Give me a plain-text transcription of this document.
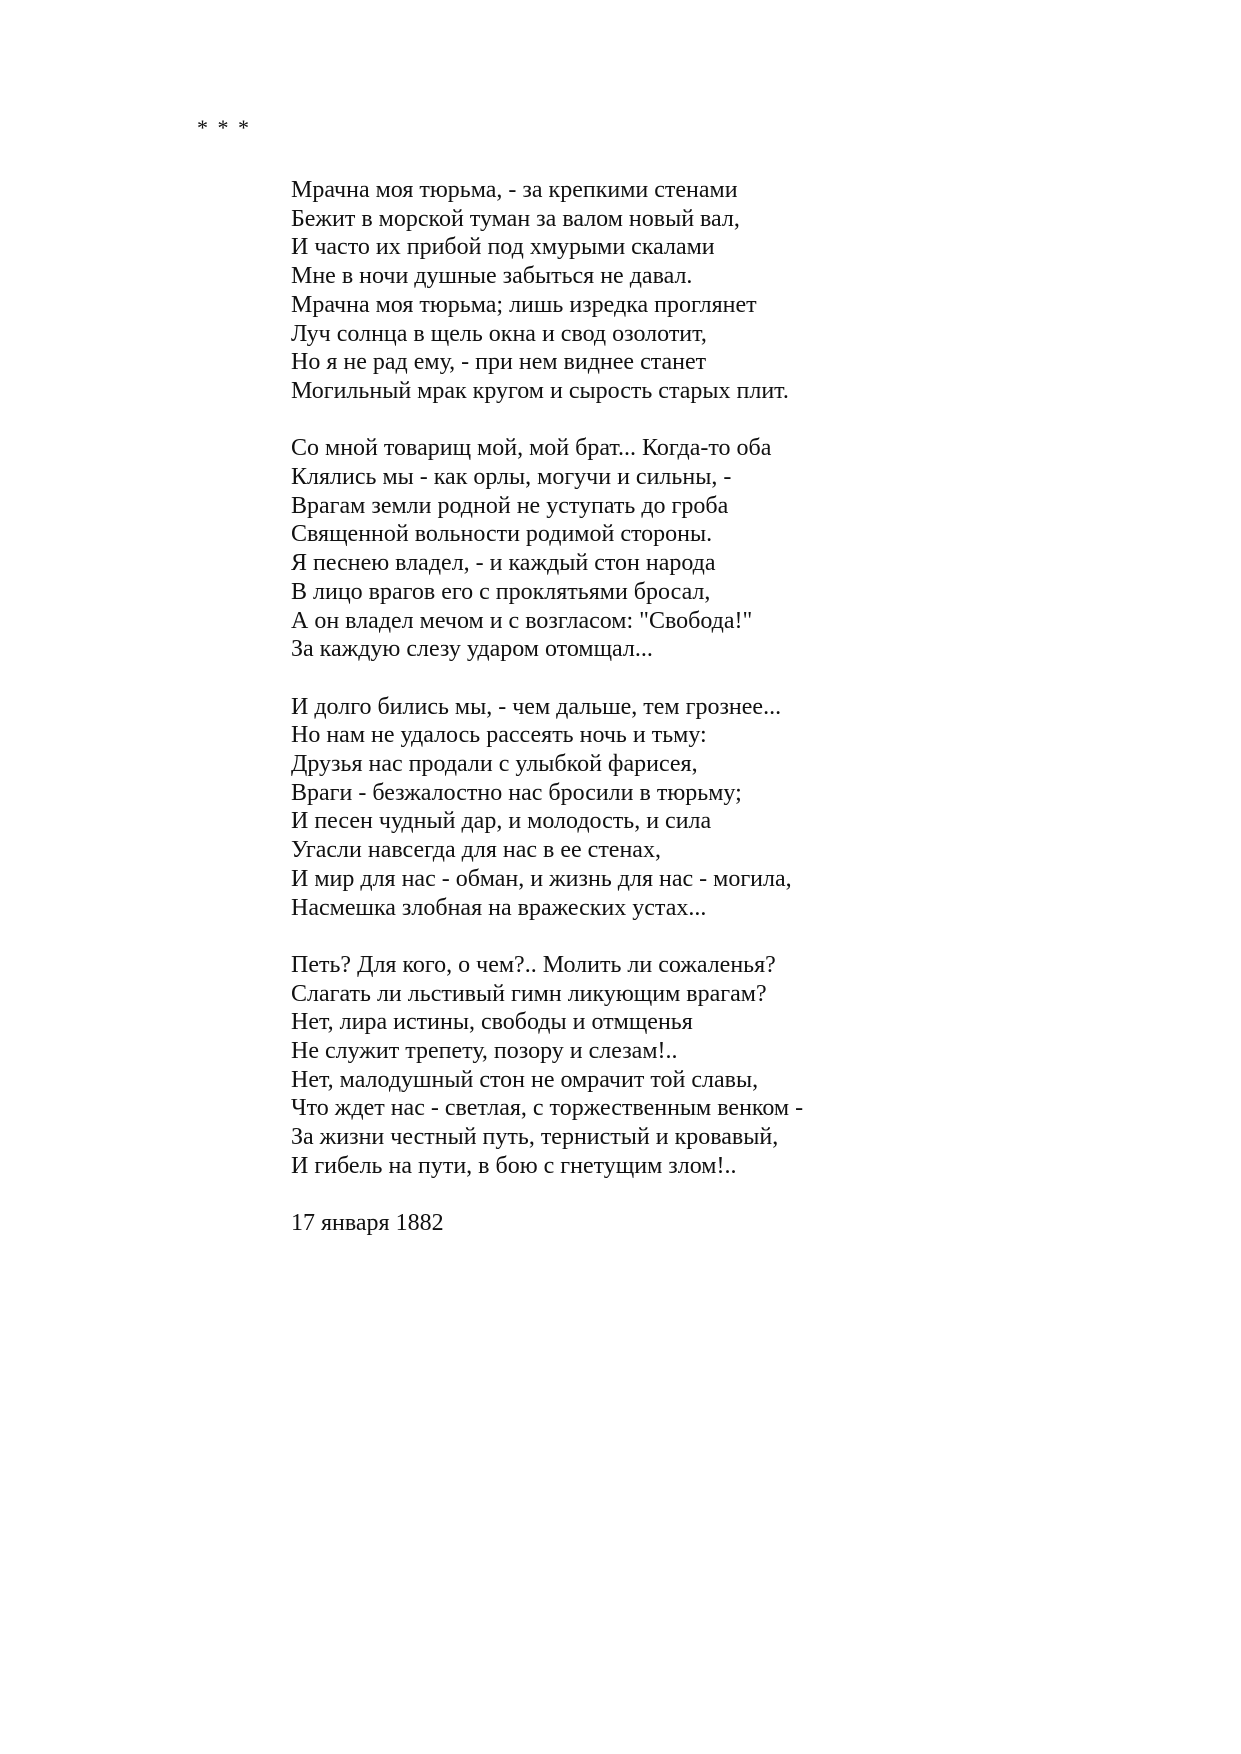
* * *
Мрачна моя тюрьма, - за крепкими стенами
Бежит в морской туман за валом новый вал,
И часто их прибой под хмурыми скалами
Мне в ночи душные забыться не давал.
Мрачна моя тюрьма; лишь изредка проглянет
Луч солнца в щель окна и свод озолотит,
Но я не рад ему, - при нем виднее станет
Могильный мрак кругом и сырость старых плит.
Со мной товарищ мой, мой брат... Когда-то оба
Клялись мы - как орлы, могучи и сильны, -
Врагам земли родной не уступать до гроба
Священной вольности родимой стороны.
Я песнею владел, - и каждый стон народа
В лицо врагов его с проклятьями бросал,
А он владел мечом и с возгласом: "Свобода!"
За каждую слезу ударом отомщал...
И долго бились мы, - чем дальше, тем грознее...
Но нам не удалось рассеять ночь и тьму:
Друзья нас продали с улыбкой фарисея,
Враги - безжалостно нас бросили в тюрьму;
И песен чудный дар, и молодость, и сила
Угасли навсегда для нас в ее стенах,
И мир для нас - обман, и жизнь для нас - могила,
Насмешка злобная на вражеских устах...
Петь? Для кого, о чем?.. Молить ли сожаленья?
Слагать ли льстивый гимн ликующим врагам?
Нет, лира истины, свободы и отмщенья
Не служит трепету, позору и слезам!..
Нет, малодушный стон не омрачит той славы,
Что ждет нас - светлая, с торжественным венком -
За жизни честный путь, тернистый и кровавый,
И гибель на пути, в бою с гнетущим злом!..
17 января 1882
